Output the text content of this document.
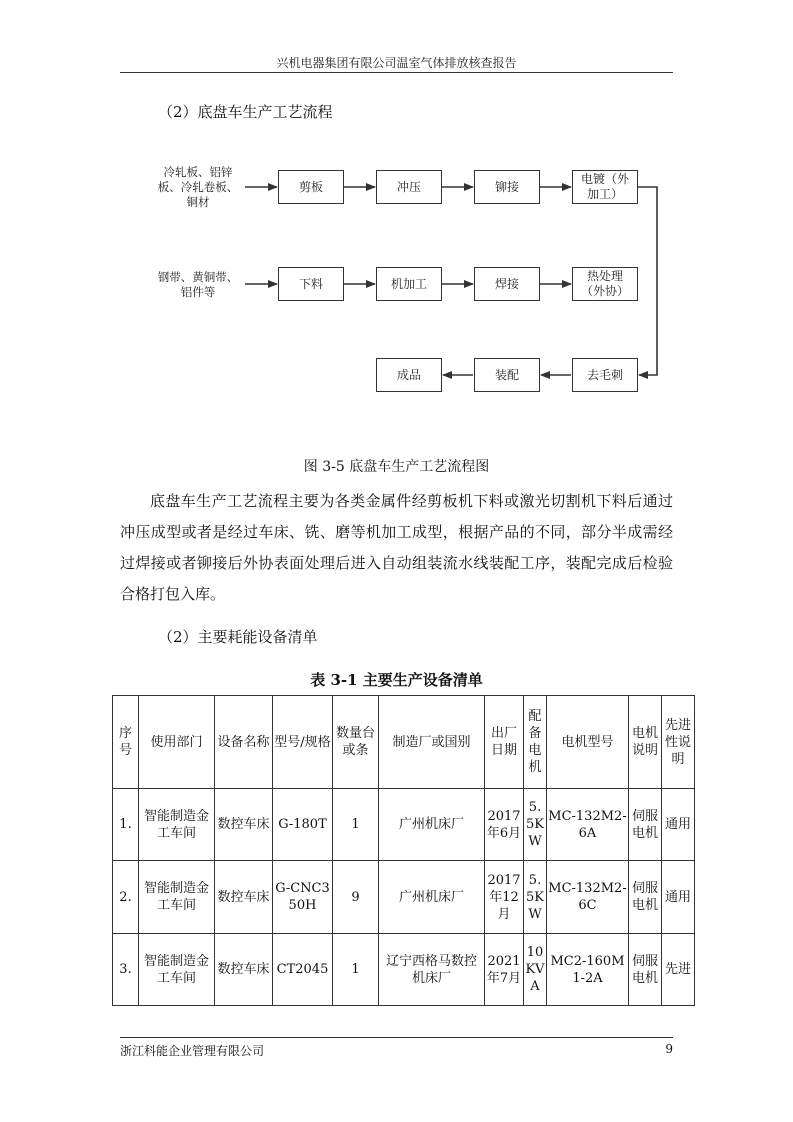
兴机电器集团有限公司温室气体排放核查报告
（2）底盘车生产工艺流程
冷轧板、铝锌
板、冷轧卷板、
铜材
剪板	冲压	铆接
电镀（外
加工）
钢带、黄铜带、
铝件等
下料	机加工	焊接
热处理
（外协）
去毛刺
装配
成品
图 3-5 底盘车生产工艺流程图
底盘车生产工艺流程主要为各类金属件经剪板机下料或激光切割机下料后通过冲压成型或者是经过车床、铣、磨等机加工成型，根据产品的不同，部分半成需经过焊接或者铆接后外协表面处理后进入自动组装流水线装配工序，装配完成后检验合格打包入库。
（2）主要耗能设备清单
表 3-1 主要生产设备清单
序号	使用部门	设备名称	型号/规格	数量台或条	制造厂或国别	出厂日期	配备电机	电机型号	电机说明	先进性说明
1.	智能制造金工车间	数控车床	G-180T	1	广州机床厂	2017年6月	5.5KW	MC-132M2-6A	伺服电机	通用
2.	智能制造金工车间	数控车床	G-CNC350H	9	广州机床厂	2017年12月	5.5KW	MC-132M2-6C	伺服电机	通用
3.	智能制造金工车间	数控车床	CT2045	1	辽宁西格马数控机床厂	2021年7月	10KVA	MC2-160M1-2A	伺服电机	先进
浙江科能企业管理有限公司	9
